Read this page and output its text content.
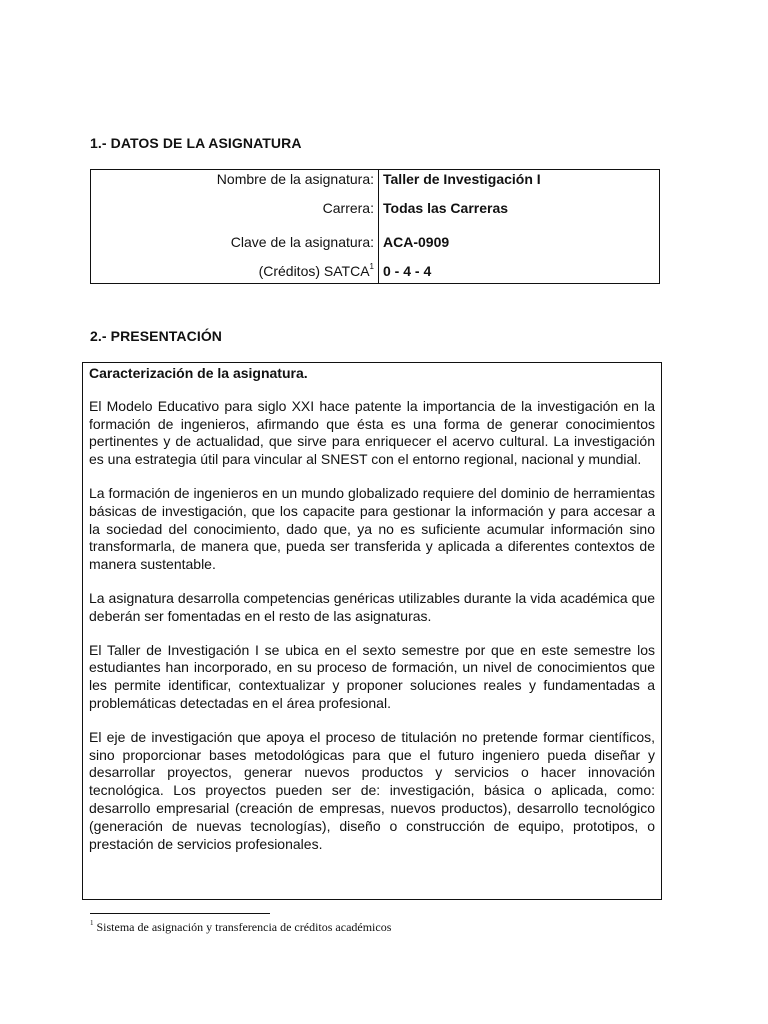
1.- DATOS DE LA ASIGNATURA
Nombre de la asignatura:	Taller de Investigación I
Carrera:	Todas las Carreras
Clave de la asignatura:	ACA-0909
(Créditos) SATCA$^1$	0 - 4 - 4
2.- PRESENTACIÓN
Caracterización de la asignatura.

El Modelo Educativo para siglo XXI hace patente la importancia de la investigación en la formación de ingenieros, afirmando que ésta es una forma de generar conocimientos pertinentes y de actualidad, que sirve para enriquecer el acervo cultural. La investigación es una estrategia útil para vincular al SNEST con el entorno regional, nacional y mundial.

La formación de ingenieros en un mundo globalizado requiere del dominio de herramientas básicas de investigación, que los capacite para gestionar la información y para accesar a la sociedad del conocimiento, dado que, ya no es suficiente acumular información sino transformarla, de manera que, pueda ser transferida y aplicada a diferentes contextos de manera sustentable.

La asignatura desarrolla competencias genéricas utilizables durante la vida académica que deberán ser fomentadas en el resto de las asignaturas.

El Taller de Investigación I se ubica en el sexto semestre por que en este semestre los estudiantes han incorporado, en su proceso de formación, un nivel de conocimientos que les permite identificar, contextualizar y proponer soluciones reales y fundamentadas a problemáticas detectadas en el área profesional.

El eje de investigación que apoya el proceso de titulación no pretende formar científicos, sino proporcionar bases metodológicas para que el futuro ingeniero pueda diseñar y desarrollar proyectos, generar nuevos productos y servicios o hacer innovación tecnológica. Los proyectos pueden ser de: investigación, básica o aplicada, como: desarrollo empresarial (creación de empresas, nuevos productos), desarrollo tecnológico (generación de nuevas tecnologías), diseño o construcción de equipo, prototipos, o prestación de servicios profesionales.

$^1$ Sistema de asignación y transferencia de créditos académicos
